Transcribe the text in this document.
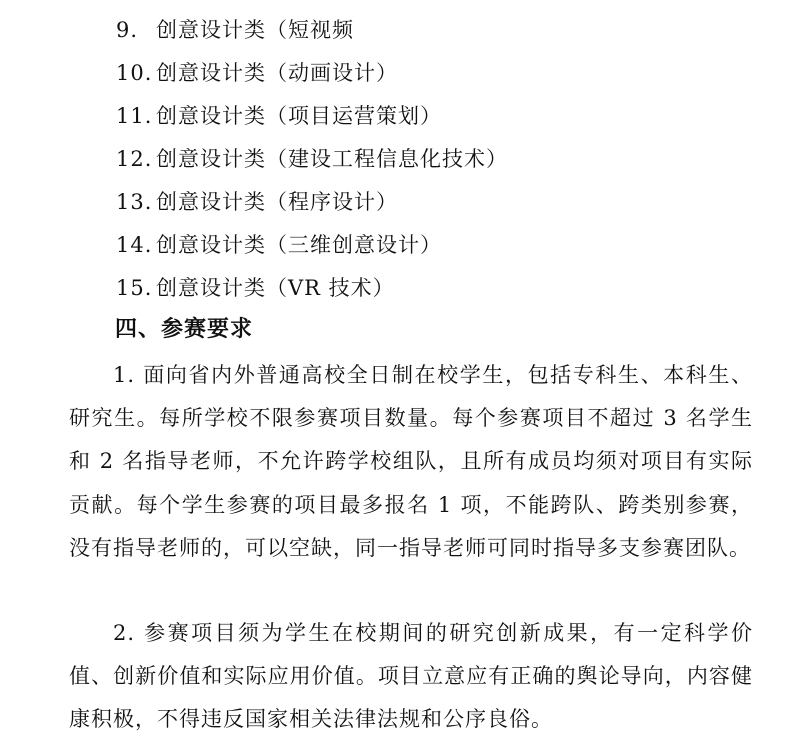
9. 创意设计类（短视频
10. 创意设计类（动画设计）
11. 创意设计类（项目运营策划）
12. 创意设计类（建设工程信息化技术）
13. 创意设计类（程序设计）
14. 创意设计类（三维创意设计）
15. 创意设计类（VR 技术）
四、参赛要求

1. 面向省内外普通高校全日制在校学生，包括专科生、本科生、研究生。每所学校不限参赛项目数量。每个参赛项目不超过 3 名学生和 2 名指导老师，不允许跨学校组队，且所有成员均须对项目有实际贡献。每个学生参赛的项目最多报名 1 项，不能跨队、跨类别参赛，没有指导老师的，可以空缺，同一指导老师可同时指导多支参赛团队。

2. 参赛项目须为学生在校期间的研究创新成果，有一定科学价值、创新价值和实际应用价值。项目立意应有正确的舆论导向，内容健康积极，不得违反国家相关法律法规和公序良俗。
